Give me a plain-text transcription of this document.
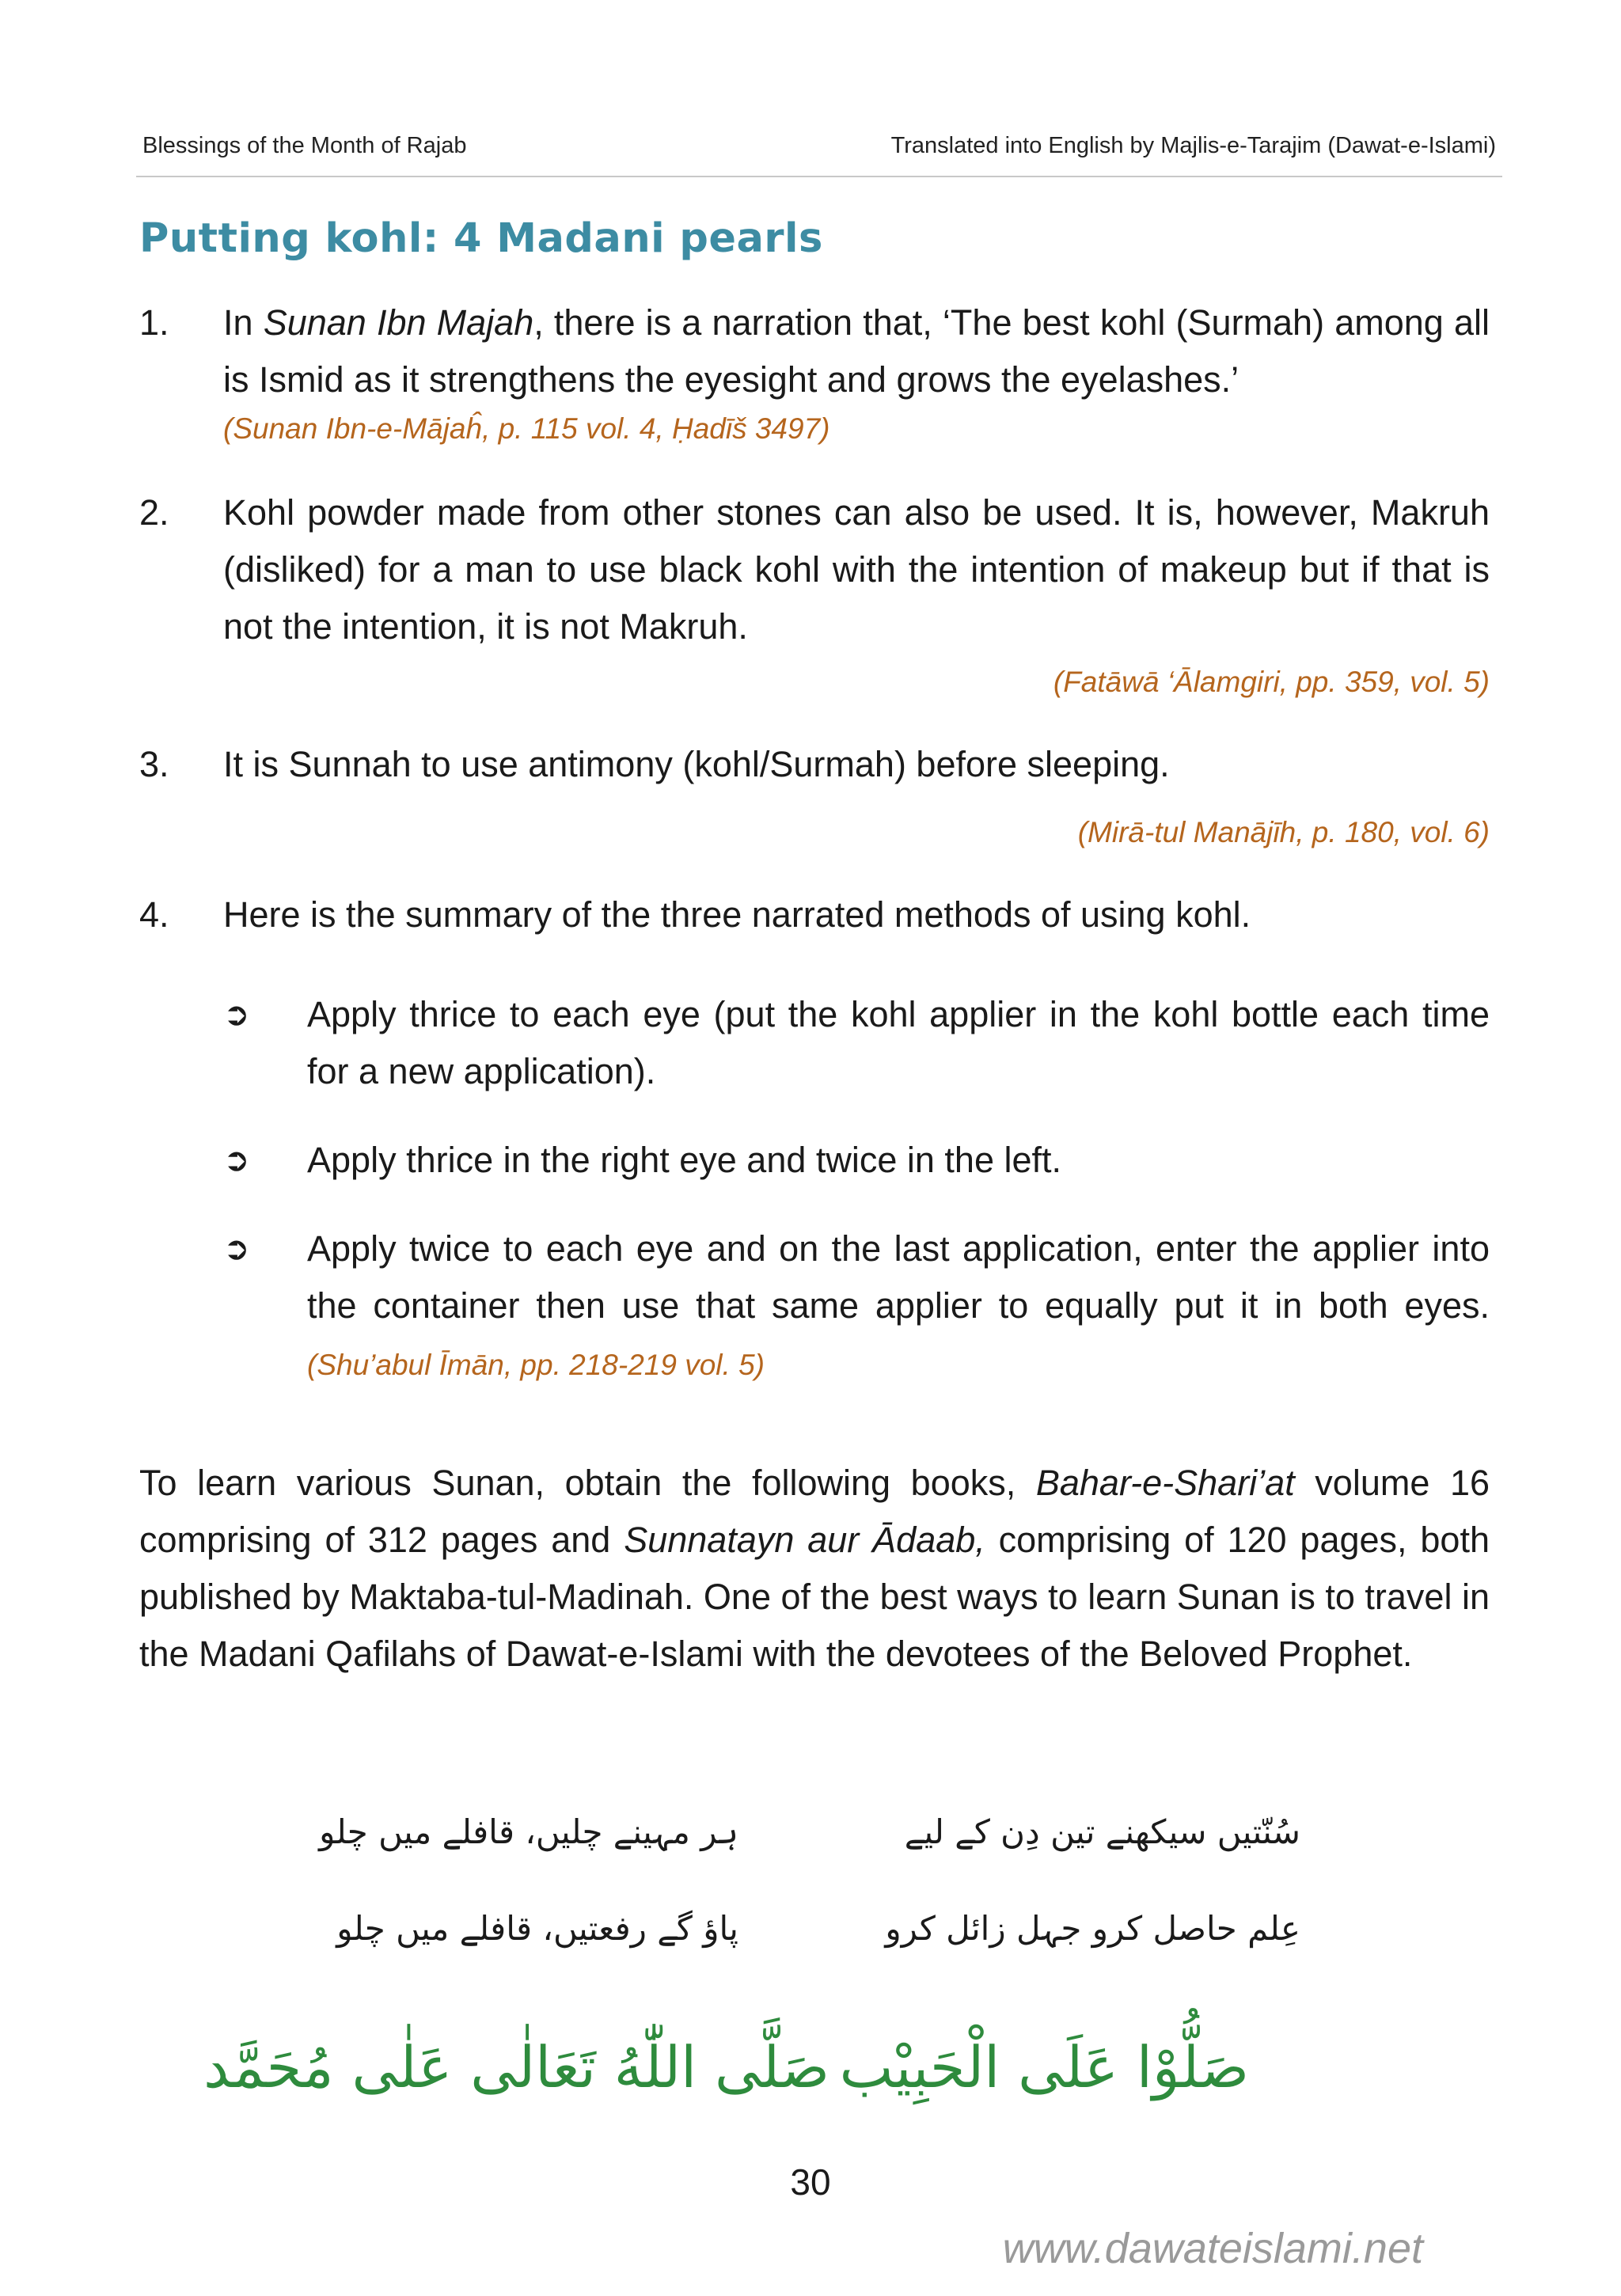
Blessings of the Month of Rajab	Translated into English by Majlis-e-Tarajim (Dawat-e-Islami)
Putting kohl: 4 Madani pearls
1. In Sunan Ibn Majah, there is a narration that, ‘The best kohl (Surmah) among all is Ismid as it strengthens the eyesight and grows the eyelashes.’
(Sunan Ibn-e-Mājaĥ, p. 115 vol. 4, Ḥadīš 3497)
2. Kohl powder made from other stones can also be used. It is, however, Makruh (disliked) for a man to use black kohl with the intention of makeup but if that is not the intention, it is not Makruh.
(Fatāwā ‘Ālamgiri, pp. 359, vol. 5)
3. It is Sunnah to use antimony (kohl/Surmah) before sleeping.
(Mirā-tul Manājīh, p. 180, vol. 6)
4. Here is the summary of the three narrated methods of using kohl.
➲ Apply thrice to each eye (put the kohl applier in the kohl bottle each time for a new application).
➲ Apply thrice in the right eye and twice in the left.
➲ Apply twice to each eye and on the last application, enter the applier into the container then use that same applier to equally put it in both eyes. (Shu’abul Īmān, pp. 218-219 vol. 5)
To learn various Sunan, obtain the following books, Bahar-e-Shari’at volume 16 comprising of 312 pages and Sunnatayn aur Ādaab, comprising of 120 pages, both published by Maktaba-tul-Madinah. One of the best ways to learn Sunan is to travel in the Madani Qafilahs of Dawat-e-Islami with the devotees of the Beloved Prophet.
سُنّتیں سیکھنے تین دِن کے لیے
ہر مہینے چلیں، قافلے میں چلو
عِلم حاصل کرو جہل زائل کرو
پاؤ گے رفعتیں، قافلے میں چلو
صَلُّوْا عَلَى الْحَبِيْب
صَلَّى اللّٰهُ تَعَالٰى عَلٰى مُحَمَّد
30
www.dawateislami.net
